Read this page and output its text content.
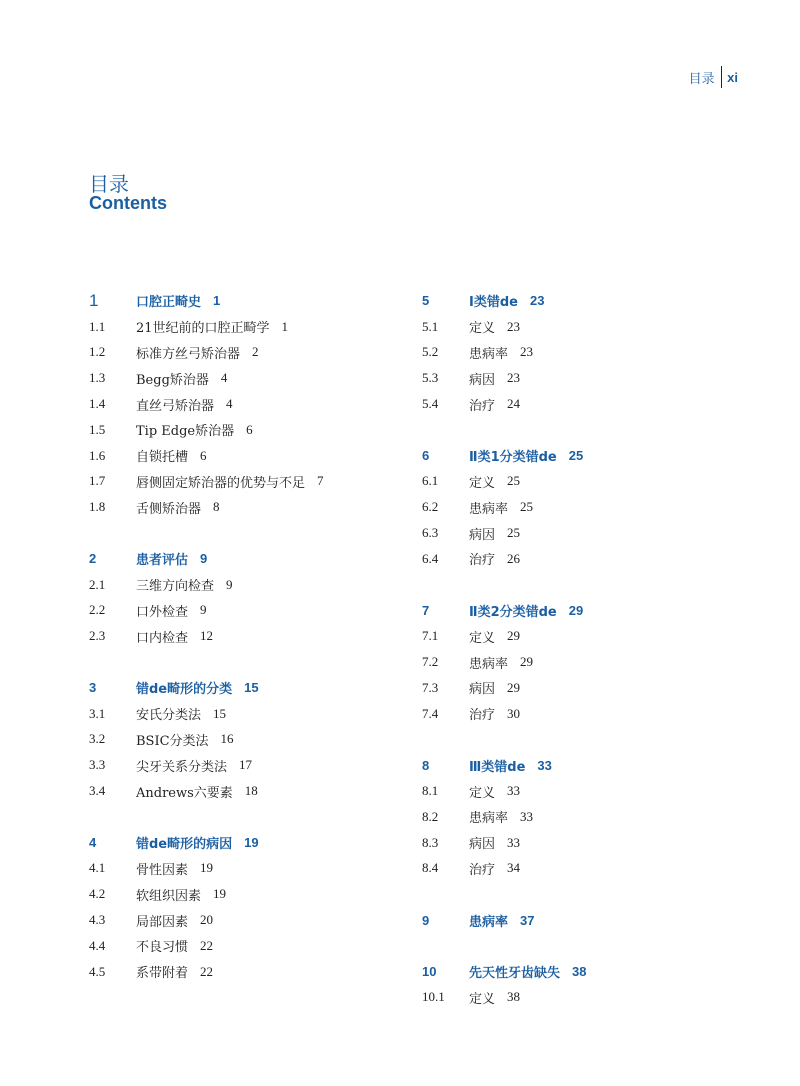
目录 xi
目录
Contents
1	口腔正畸史 1
1.1	21世纪前的口腔正畸学 1
1.2	标准方丝弓矫治器 2
1.3	Begg矫治器 4
1.4	直丝弓矫治器 4
1.5	Tip Edge矫治器 6
1.6	自锁托槽 6
1.7	唇侧固定矫治器的优势与不足 7
1.8	舌侧矫治器 8
2	患者评估 9
2.1	三维方向检查 9
2.2	口外检查 9
2.3	口内检查 12
3	错de畸形的分类 15
3.1	安氏分类法 15
3.2	BSIC分类法 16
3.3	尖牙关系分类法 17
3.4	Andrews六要素 18
4	错de畸形的病因 19
4.1	骨性因素 19
4.2	软组织因素 19
4.3	局部因素 20
4.4	不良习惯 22
4.5	系带附着 22
5	Ⅰ类错de 23
5.1	定义 23
5.2	患病率 23
5.3	病因 23
5.4	治疗 24
6	Ⅱ类1分类错de 25
6.1	定义 25
6.2	患病率 25
6.3	病因 25
6.4	治疗 26
7	Ⅱ类2分类错de 29
7.1	定义 29
7.2	患病率 29
7.3	病因 29
7.4	治疗 30
8	Ⅲ类错de 33
8.1	定义 33
8.2	患病率 33
8.3	病因 33
8.4	治疗 34
9	患病率 37
10	先天性牙齿缺失 38
10.1	定义 38
